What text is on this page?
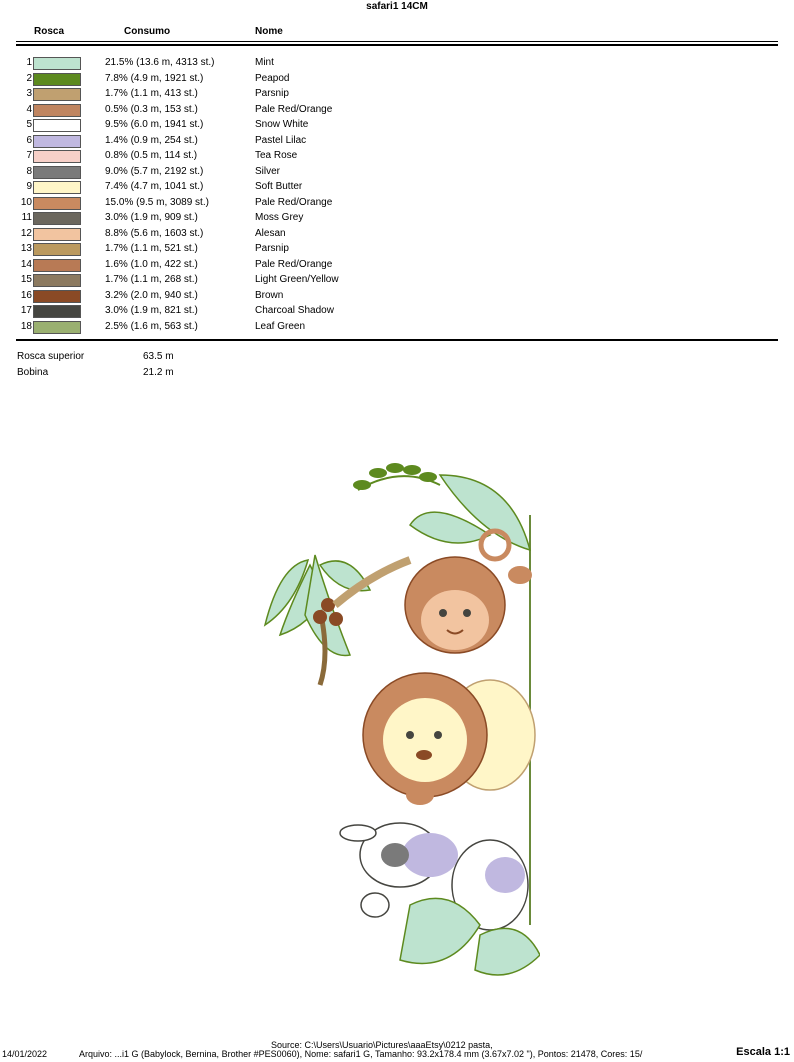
safari1 14CM
Rosca	Consumo	Nome
1	21.5% (13.6 m, 4313 st.)	Mint
2	7.8% (4.9 m, 1921 st.)	Peapod
3	1.7% (1.1 m, 413 st.)	Parsnip
4	0.5% (0.3 m, 153 st.)	Pale Red/Orange
5	9.5% (6.0 m, 1941 st.)	Snow White
6	1.4% (0.9 m, 254 st.)	Pastel Lilac
7	0.8% (0.5 m, 114 st.)	Tea Rose
8	9.0% (5.7 m, 2192 st.)	Silver
9	7.4% (4.7 m, 1041 st.)	Soft Butter
10	15.0% (9.5 m, 3089 st.)	Pale Red/Orange
11	3.0% (1.9 m, 909 st.)	Moss Grey
12	8.8% (5.6 m, 1603 st.)	Alesan
13	1.7% (1.1 m, 521 st.)	Parsnip
14	1.6% (1.0 m, 422 st.)	Pale Red/Orange
15	1.7% (1.1 m, 268 st.)	Light Green/Yellow
16	3.2% (2.0 m, 940 st.)	Brown
17	3.0% (1.9 m, 821 st.)	Charcoal Shadow
18	2.5% (1.6 m, 563 st.)	Leaf Green
Rosca superior	63.5 m
Bobina	21.2 m
Source: C:\Users\Usuario\Pictures\aaaEtsy\0212 pasta,
14/01/2022	Arquivo: ...i1 G (Babylock, Bernina, Brother #PES0060), Nome: safari1 G, Tamanho: 93.2x178.4 mm (3.67x7.02 "), Pontos: 21478, Cores: 15/	Escala 1:1
